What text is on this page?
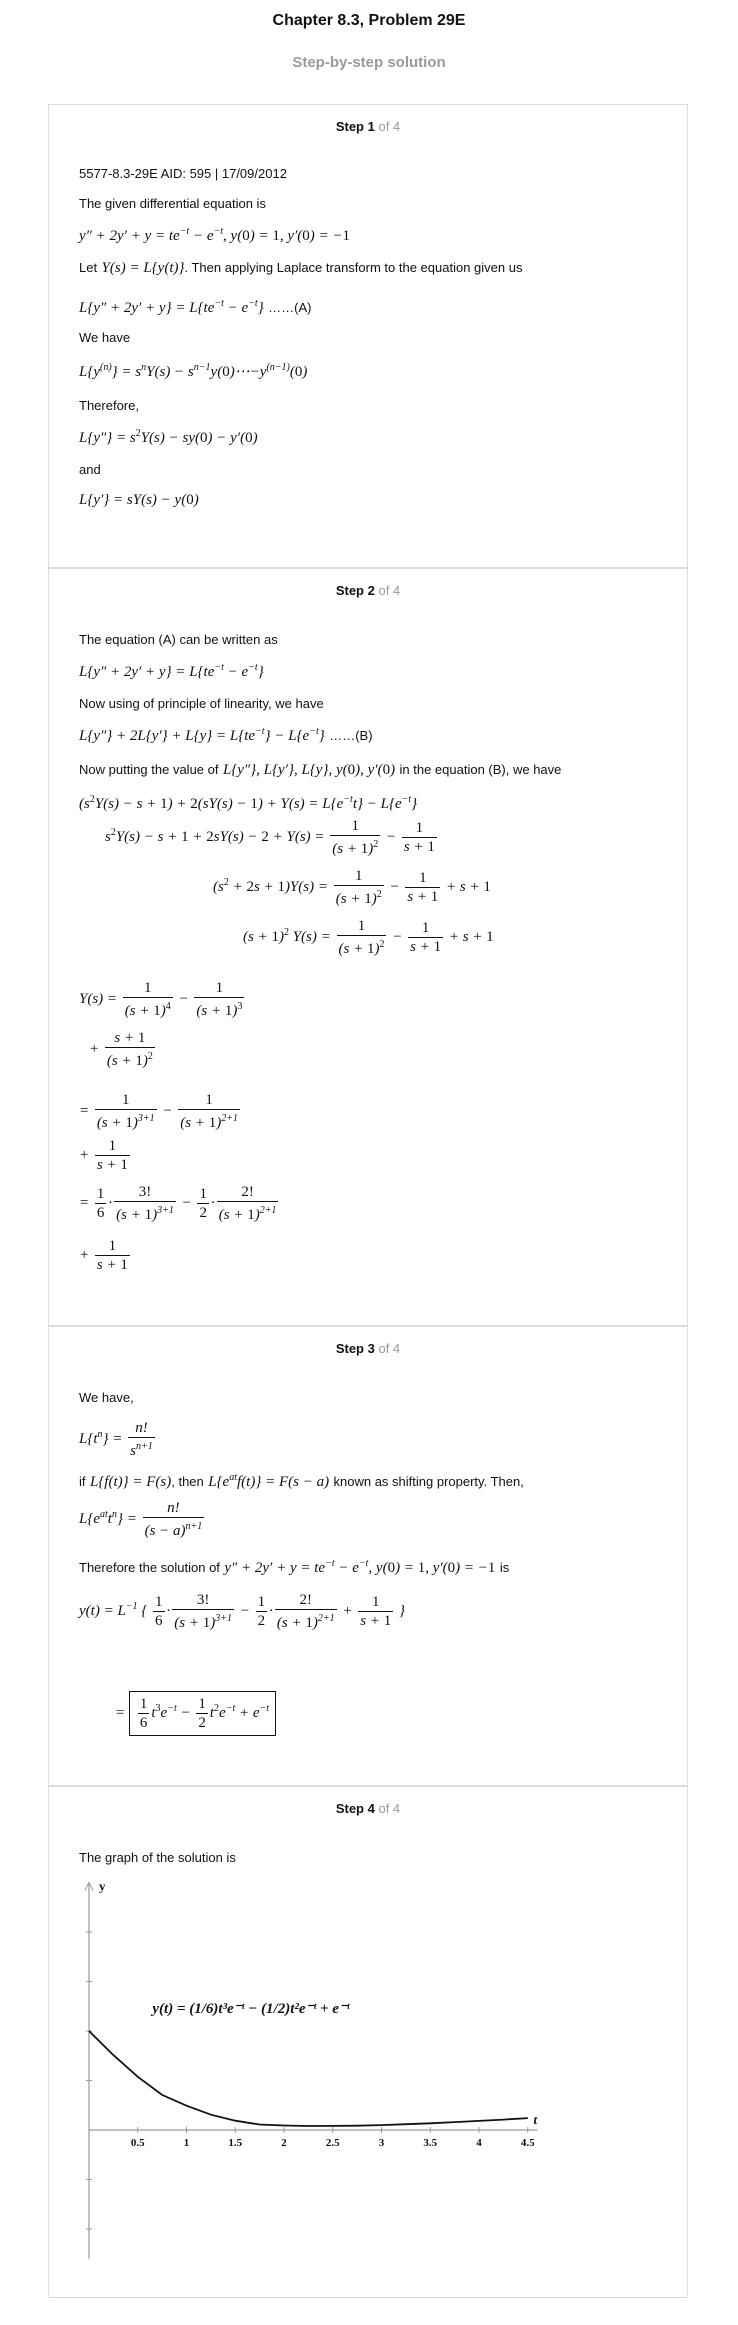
Chapter 8.3, Problem 29E
Step-by-step solution
Step 1 of 4
5577-8.3-29E AID: 595 | 17/09/2012
The given differential equation is
$y'' + 2y' + y = te^{-t} - e^{-t}$, y(0) = 1, y′(0) = −1
Let Y(s) = L{y(t)}. Then applying Laplace transform to the equation given us
$L\{y'' + 2y' + y\} = L\{te^{-t} - e^{-t}\}$ ……(A)
We have
$L\{y^{(n)}\} = s^nY(s)$ − $s^{n-1}y(0)\cdots-y^{(n-1)}(0)$
Therefore,
$L\{y''\} = s^2Y(s) - sy(0) - y'(0)$
and
L{y′} = sY(s) − y(0)
Step 2 of 4
The equation (A) can be written as
$L\{y'' + 2y' + y\} = L\{te^{-t} - e^{-t}\}$
Now using of principle of linearity, we have
$L\{y''\} + 2L\{y'\} + L\{y\} = L\{te^{-t}\} - L\{e^{-t}\}$ ……(B)
Now putting the value of L{y″}, L{y′}, L{y}, y(0), y′(0) in the equation (B), we have
$(s^2Y(s) - s + 1) + 2(sY(s) - 1) + Y(s) = L\{e^{-t}t\} - L\{e^{-t}\}$
$s^2Y(s) - s + 1 + 2sY(s) - 2 + Y(s) = \frac{1}{(s + 1)^2} - \frac{1}{s + 1}$
$(s^2 + 2s + 1)Y(s) = \frac{1}{(s + 1)^2} - \frac{1}{s + 1} + s + 1$
$(s + 1)^2$ $Y(s) = \frac{1}{(s + 1)^2} - \frac{1}{s + 1} + s + 1$
$Y(s) = \frac{1}{(s + 1)^4} - \frac{1}{(s + 1)^3}$
+ $\frac{s + 1}{(s + 1)^2}$
= $\frac{1}{(s + 1)^{3+1}} - \frac{1}{(s + 1)^{2+1}}$
+ $\frac{1}{s + 1}$
= $\frac{1}{6} \cdot \frac{3!}{(s + 1)^{3+1}} - \frac{1}{2} \cdot \frac{2!}{(s + 1)^{2+1}}$
+ $\frac{1}{s + 1}$
Step 3 of 4
We have,
$L\{t^n\} = \frac{n!}{s^{n+1}}$
if L{f(t)} = F(s), then $L\{e^{at}f(t)\} = F(s - a)$ known as shifting property. Then,
$L\{e^{at}t^n\} = \frac{n!}{(s - a)^{n+1}}$
Therefore the solution of $y'' + 2y' + y = te^{-t} - e^{-t}$, y(0) = 1, y′(0) = −1 is
$y(t) = L^{-1}$ { $\frac{1}{6} \cdot \frac{3!}{(s + 1)^{3+1}} - \frac{1}{2} \cdot \frac{2!}{(s + 1)^{2+1}} + \frac{1}{s + 1}$ }
= $\frac{1}{6} t^3e^{-t} - \frac{1}{2} t^2e^{-t} + e^{-t}$
Step 4 of 4
The graph of the solution is
0.5	1	1.5	2	2.5	3	3.5	4	4.5
y
t
y(t) = (1/6)t³e⁻ᵗ − (1/2)t²e⁻ᵗ + e⁻ᵗ
